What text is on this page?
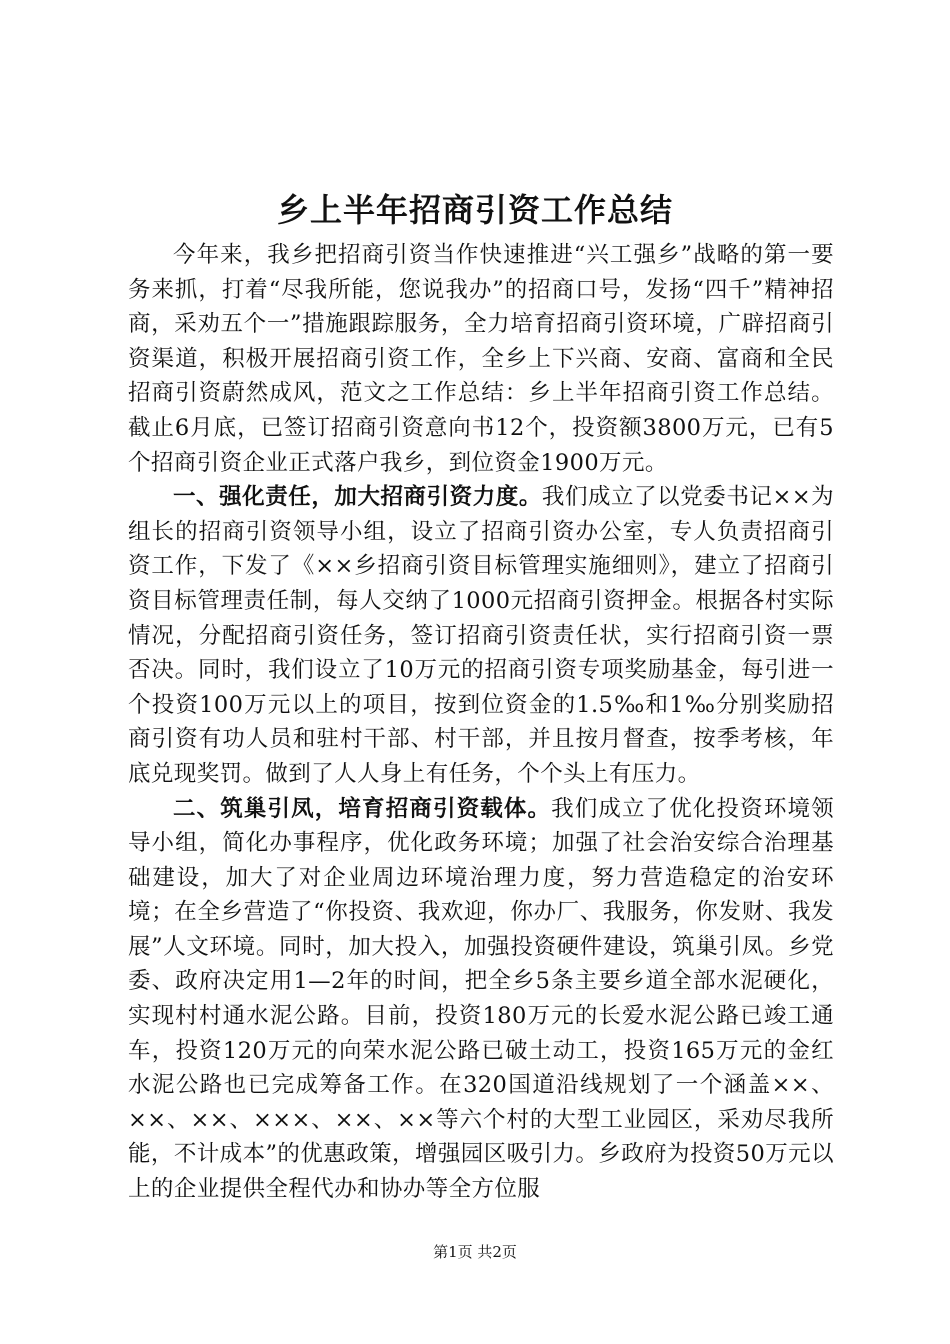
乡上半年招商引资工作总结

今年来，我乡把招商引资当作快速推进“兴工强乡”战略的第一要务来抓，打着“尽我所能，您说我办”的招商口号，发扬“四千”精神招商，采劝五个一”措施跟踪服务，全力培育招商引资环境，广辟招商引资渠道，积极开展招商引资工作，全乡上下兴商、安商、富商和全民招商引资蔚然成风，范文之工作总结：乡上半年招商引资工作总结。截止6月底，已签订招商引资意向书12个，投资额3800万元，已有5个招商引资企业正式落户我乡，到位资金1900万元。

一、强化责任，加大招商引资力度。我们成立了以党委书记××为组长的招商引资领导小组，设立了招商引资办公室，专人负责招商引资工作，下发了《××乡招商引资目标管理实施细则》，建立了招商引资目标管理责任制，每人交纳了1000元招商引资押金。根据各村实际情况，分配招商引资任务，签订招商引资责任状，实行招商引资一票否决。同时，我们设立了10万元的招商引资专项奖励基金，每引进一个投资100万元以上的项目，按到位资金的1.5‰和1‰分别奖励招商引资有功人员和驻村干部、村干部，并且按月督查，按季考核，年底兑现奖罚。做到了人人身上有任务，个个头上有压力。

二、筑巢引凤，培育招商引资载体。我们成立了优化投资环境领导小组，简化办事程序，优化政务环境；加强了社会治安综合治理基础建设，加大了对企业周边环境治理力度，努力营造稳定的治安环境；在全乡营造了“你投资、我欢迎，你办厂、我服务，你发财、我发展”人文环境。同时，加大投入，加强投资硬件建设，筑巢引凤。乡党委、政府决定用1—2年的时间，把全乡5条主要乡道全部水泥硬化，实现村村通水泥公路。目前，投资180万元的长爱水泥公路已竣工通车，投资120万元的向荣水泥公路已破土动工，投资165万元的金红水泥公路也已完成筹备工作。在320国道沿线规划了一个涵盖××、××、××、×××、××、××等六个村的大型工业园区，采劝尽我所能，不计成本”的优惠政策，增强园区吸引力。乡政府为投资50万元以上的企业提供全程代办和协办等全方位服

第1页 共2页
